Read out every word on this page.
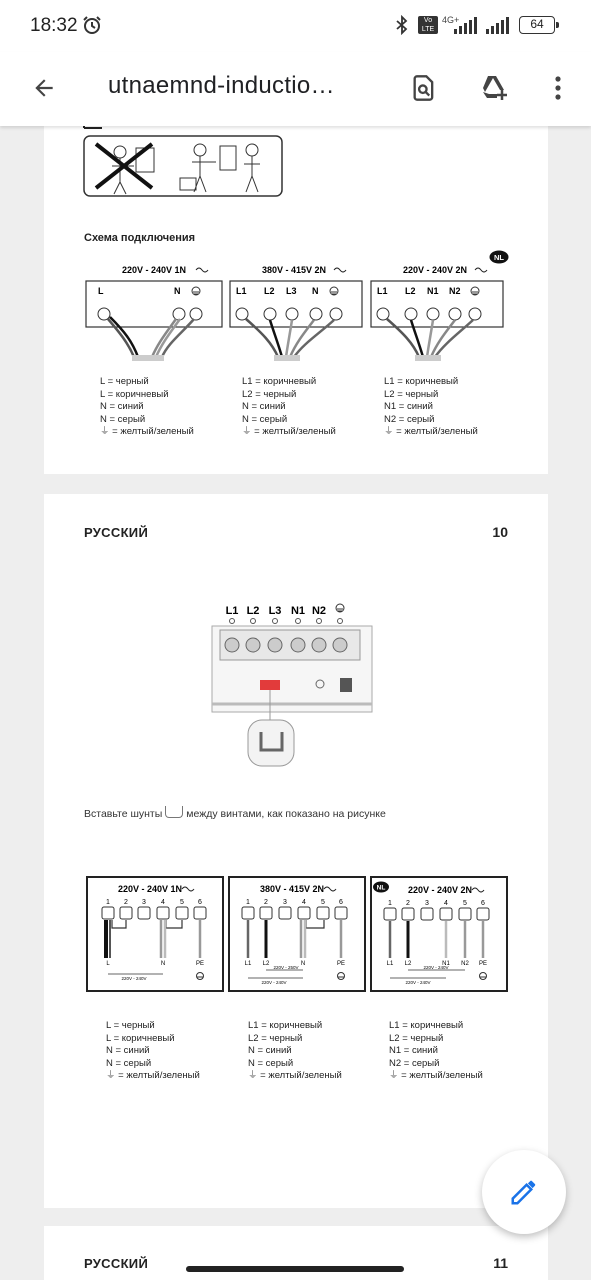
18:32	Vo LTE
4G+	64
utnaemnd-inductio…
Схема подключения
NL
220V - 240V 1N
L	N
L = черный
L = коричневый
N = синий
N = серый
⏚ = желтый/зеленый
380V - 415V 2N
L1 L2 L3 N
L1 = коричневый
L2 = черный
N = синий
N = серый
⏚ = желтый/зеленый
220V - 240V 2N
L1 L2 N1 N2
L1 = коричневый
L2 = черный
N1 = синий
N2 = серый
⏚ = желтый/зеленый
РУССКИЙ	10
L1 L2 L3 N1 N2
Вставьте шунты между винтами, как показано на рисунке
220V - 240V 1N
1 2 3 4 5 6
L	N	PE
220V - 240V
380V - 415V 2N
1 2 3 4 5 6
L1 L2	N	PE
220V - 250V
220V - 240V
NL	220V - 240V 2N
1 2 3 4 5 6
L1 L2	N1 N2 PE
220V - 240V
220V - 240V
L = черный
L = коричневый
N = синий
N = серый
⏚ = желтый/зеленый
L1 = коричневый
L2 = черный
N = синий
N = серый
⏚ = желтый/зеленый
L1 = коричневый
L2 = черный
N1 = синий
N2 = серый
⏚ = желтый/зеленый
РУССКИЙ	11
